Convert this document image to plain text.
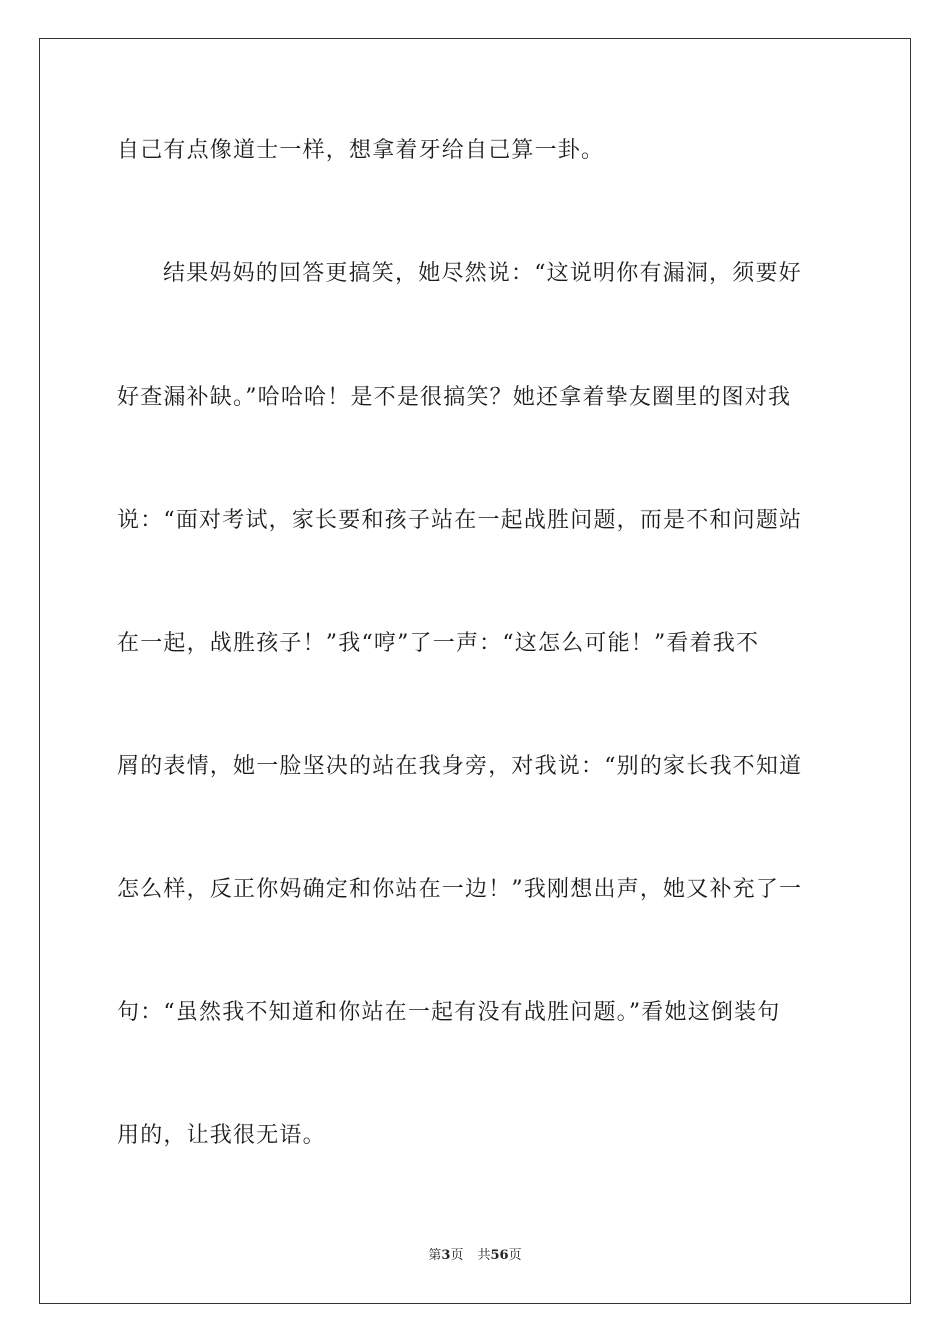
自己有点像道士一样，想拿着牙给自己算一卦。
结果妈妈的回答更搞笑，她尽然说：“这说明你有漏洞，须要好
好查漏补缺。”哈哈哈！是不是很搞笑？她还拿着挚友圈里的图对我
说：“面对考试，家长要和孩子站在一起战胜问题，而是不和问题站
在一起，战胜孩子！”我“哼”了一声：“这怎么可能！”看着我不
屑的表情，她一脸坚决的站在我身旁，对我说：“别的家长我不知道
怎么样，反正你妈确定和你站在一边！”我刚想出声，她又补充了一
句：“虽然我不知道和你站在一起有没有战胜问题。”看她这倒装句
用的，让我很无语。
第3页 共56页
